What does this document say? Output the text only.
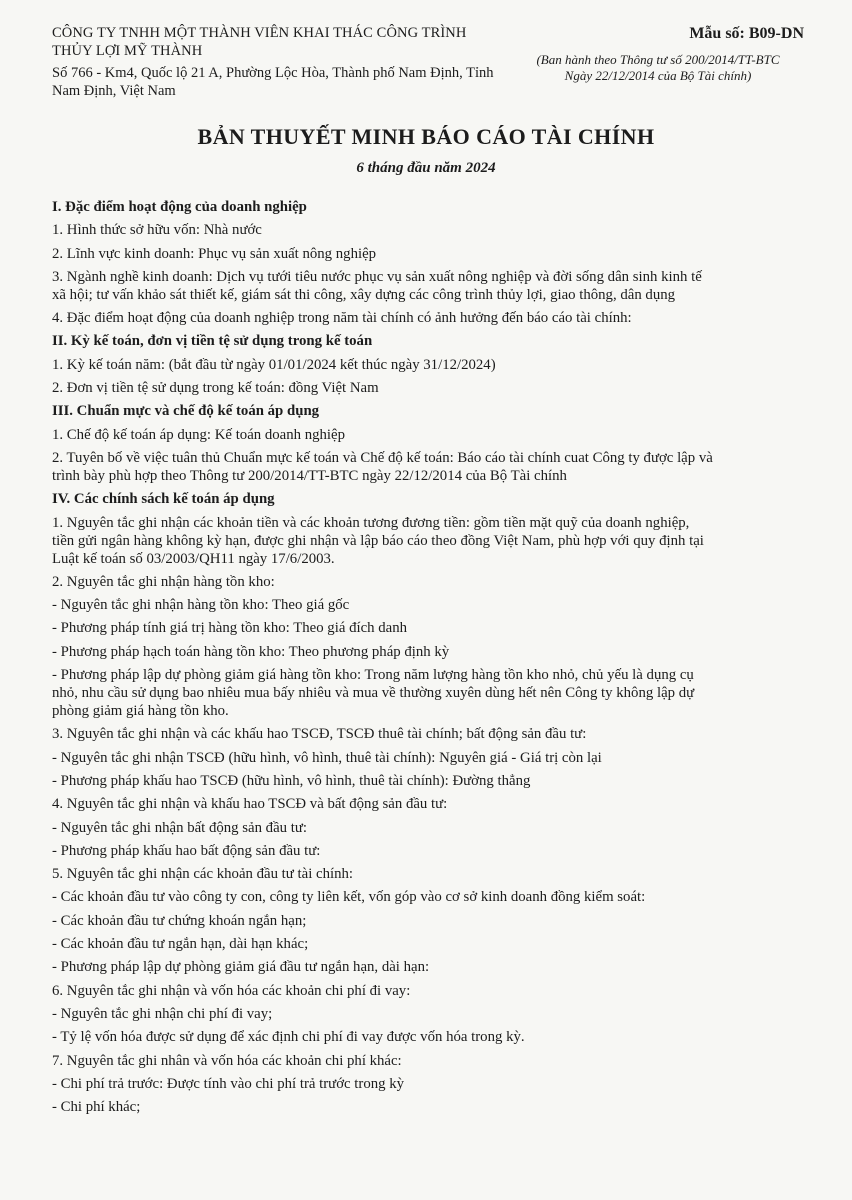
CÔNG TY TNHH MỘT THÀNH VIÊN KHAI THÁC CÔNG TRÌNH
THỦY LỢI MỸ THÀNH
Số 766 - Km4, Quốc lộ 21 A, Phường Lộc Hòa, Thành phố Nam Định, Tỉnh
Nam Định, Việt Nam
Mẫu số: B09-DN
(Ban hành theo Thông tư số 200/2014/TT-BTC
Ngày 22/12/2014 của Bộ Tài chính)
BẢN THUYẾT MINH BÁO CÁO TÀI CHÍNH
6 tháng đầu năm 2024
I. Đặc điểm hoạt động của doanh nghiệp
1. Hình thức sở hữu vốn: Nhà nước
2. Lĩnh vực kinh doanh: Phục vụ sản xuất nông nghiệp
3. Ngành nghề kinh doanh: Dịch vụ tưới tiêu nước phục vụ sản xuất nông nghiệp và đời sống dân sinh kinh tế
xã hội; tư vấn khảo sát thiết kế, giám sát thi công, xây dựng các công trình thủy lợi, giao thông, dân dụng
4. Đặc điểm hoạt động của doanh nghiệp trong năm tài chính có ảnh hưởng đến báo cáo tài chính:
II. Kỳ kế toán, đơn vị tiền tệ sử dụng trong kế toán
1. Kỳ kế toán năm: (bắt đầu từ ngày 01/01/2024 kết thúc ngày 31/12/2024)
2. Đơn vị tiền tệ sử dụng trong kế toán: đồng Việt Nam
III. Chuẩn mực và chế độ kế toán áp dụng
1. Chế độ kế toán áp dụng: Kế toán doanh nghiệp
2. Tuyên bố về việc tuân thủ Chuẩn mực kế toán và Chế độ kế toán: Báo cáo tài chính cuat Công ty được lập và
trình bày phù hợp theo Thông tư 200/2014/TT-BTC ngày 22/12/2014 của Bộ Tài chính
IV. Các chính sách kế toán áp dụng
1. Nguyên tắc ghi nhận các khoản tiền và các khoản tương đương tiền: gồm tiền mặt quỹ của doanh nghiệp,
tiền gửi ngân hàng không kỳ hạn, được ghi nhận và lập báo cáo theo đồng Việt Nam, phù hợp với quy định tại
Luật kế toán số 03/2003/QH11 ngày 17/6/2003.
2. Nguyên tắc ghi nhận hàng tồn kho:
- Nguyên tắc ghi nhận hàng tồn kho: Theo giá gốc
- Phương pháp tính giá trị hàng tồn kho: Theo giá đích danh
- Phương pháp hạch toán hàng tồn kho: Theo phương pháp định kỳ
- Phương pháp lập dự phòng giảm giá hàng tồn kho: Trong năm lượng hàng tồn kho nhỏ, chủ yếu là dụng cụ
nhỏ, nhu cầu sử dụng bao nhiêu mua bấy nhiêu và mua về thường xuyên dùng hết nên Công ty không lập dự
phòng giảm giá hàng tồn kho.
3. Nguyên tắc ghi nhận và các khấu hao TSCĐ, TSCĐ thuê tài chính; bất động sản đầu tư:
- Nguyên tắc ghi nhận TSCĐ (hữu hình, vô hình, thuê tài chính): Nguyên giá - Giá trị còn lại
- Phương pháp khấu hao TSCĐ (hữu hình, vô hình, thuê tài chính): Đường thẳng
4. Nguyên tắc ghi nhận và khấu hao TSCĐ và bất động sản đầu tư:
- Nguyên tắc ghi nhận bất động sản đầu tư:
- Phương pháp khấu hao bất động sản đầu tư:
5. Nguyên tắc ghi nhận các khoản đầu tư tài chính:
- Các khoản đầu tư vào công ty con, công ty liên kết, vốn góp vào cơ sở kinh doanh đồng kiểm soát:
- Các khoản đầu tư chứng khoán ngắn hạn;
- Các khoản đầu tư ngắn hạn, dài hạn khác;
- Phương pháp lập dự phòng giảm giá đầu tư ngắn hạn, dài hạn:
6. Nguyên tắc ghi nhận và vốn hóa các khoản chi phí đi vay:
- Nguyên tắc ghi nhận chi phí đi vay;
- Tỷ lệ vốn hóa được sử dụng để xác định chi phí đi vay được vốn hóa trong kỳ.
7. Nguyên tắc ghi nhân và vốn hóa các khoản chi phí khác:
- Chi phí trả trước: Được tính vào chi phí trả trước trong kỳ
- Chi phí khác;
